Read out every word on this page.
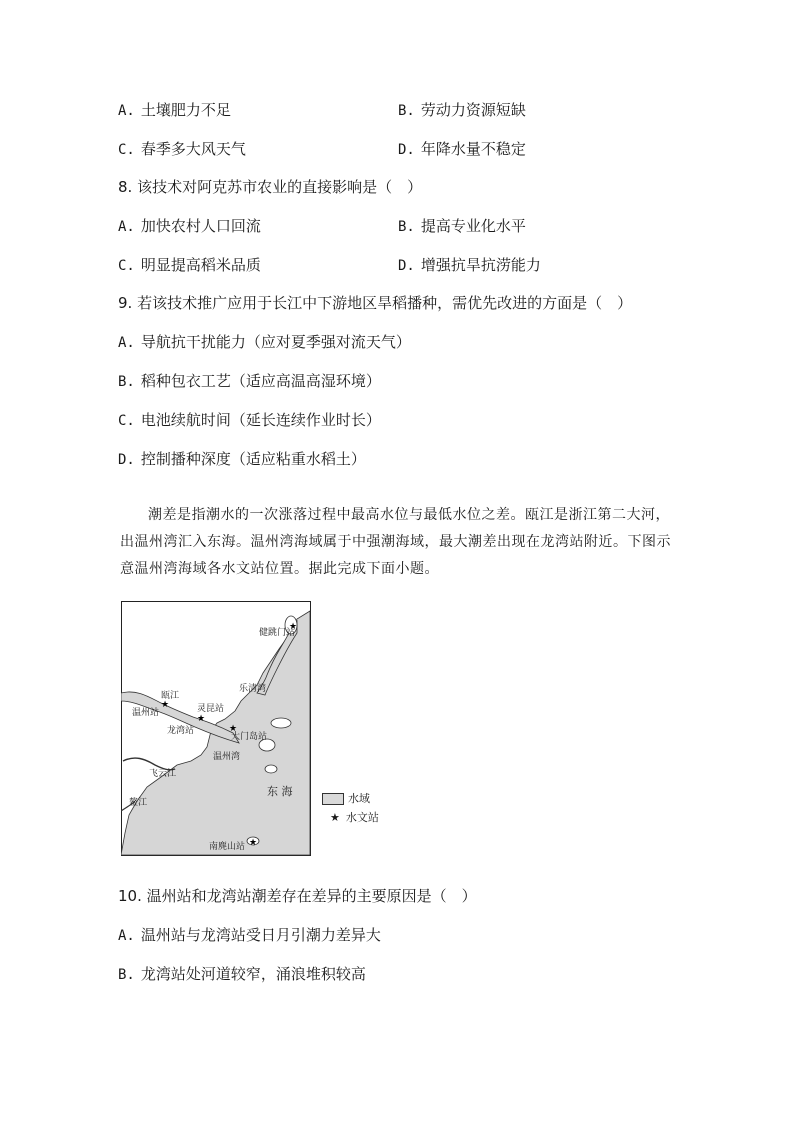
A. 土壤肥力不足	B. 劳动力资源短缺
C. 春季多大风天气	D. 年降水量不稳定
8. 该技术对阿克苏市农业的直接影响是（　）
A. 加快农村人口回流	B. 提高专业化水平
C. 明显提高稻米品质	D. 增强抗旱抗涝能力
9. 若该技术推广应用于长江中下游地区旱稻播种，需优先改进的方面是（　）
A. 导航抗干扰能力（应对夏季强对流天气）
B. 稻种包衣工艺（适应高温高湿环境）
C. 电池续航时间（延长连续作业时长）
D. 控制播种深度（适应粘重水稻土）
潮差是指潮水的一次涨落过程中最高水位与最低水位之差。瓯江是浙江第二大河，出温州湾汇入东海。温州湾海域属于中强潮海域，最大潮差出现在龙湾站附近。下图示意温州湾海域各水文站位置。据此完成下面小题。
★
★
★
★
★
健跳门站
乐清湾
瓯江
温州站	灵昆站
龙湾站
大门岛站
温州湾
飞云江
东 海
鳌江
南麂山站
水域
★ 水文站
10. 温州站和龙湾站潮差存在差异的主要原因是（　）
A. 温州站与龙湾站受日月引潮力差异大
B. 龙湾站处河道较窄，涌浪堆积较高
